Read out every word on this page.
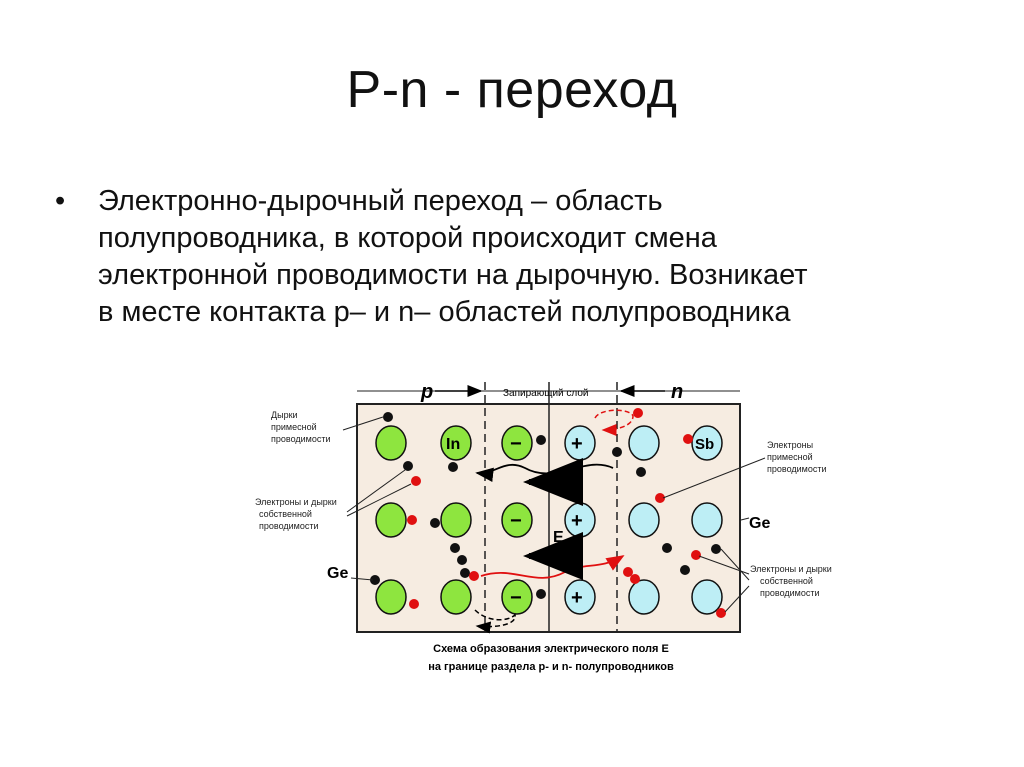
P-n - переход
• Электронно-дырочный переход – область
полупроводника, в которой происходит смена
электронной проводимости на дырочную. Возникает
в месте контакта p– и n– областей полупроводника
p	n
Запирающий слой
In −
−
−
+
+
+
Sb
E
Дырки
примесной
проводимости
Электроны и дырки
собственной
проводимости
Ge
Электроны
примесной
проводимости
Электроны и дырки
собственной
проводимости
Ge
Схема образования электрического поля E
на границе раздела p- и n- полупроводников
